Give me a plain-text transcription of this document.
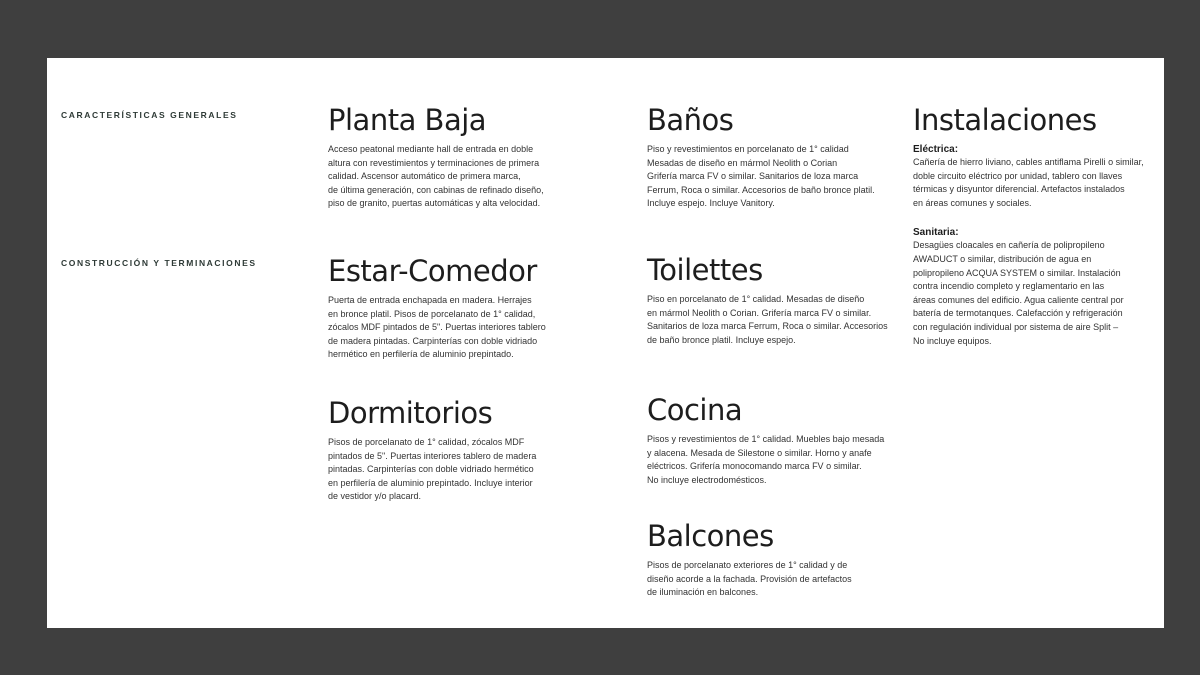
CARACTERÍSTICAS GENERALES
CONSTRUCCIÓN Y TERMINACIONES
Planta Baja

Acceso peatonal mediante hall de entrada en doble
altura con revestimientos y terminaciones de primera
calidad. Ascensor automático de primera marca,
de última generación, con cabinas de refinado diseño,
piso de granito, puertas automáticas y alta velocidad.

Estar-Comedor

Puerta de entrada enchapada en madera. Herrajes
en bronce platil. Pisos de porcelanato de 1° calidad,
zócalos MDF pintados de 5". Puertas interiores tablero
de madera pintadas. Carpinterías con doble vidriado
hermético en perfilería de aluminio prepintado.

Dormitorios

Pisos de porcelanato de 1° calidad, zócalos MDF
pintados de 5". Puertas interiores tablero de madera
pintadas. Carpinterías con doble vidriado hermético
en perfilería de aluminio prepintado. Incluye interior
de vestidor y/o placard.

Baños

Piso y revestimientos en porcelanato de 1° calidad
Mesadas de diseño en mármol Neolith o Corian
Grifería marca FV o similar. Sanitarios de loza marca
Ferrum, Roca o similar. Accesorios de baño bronce platil.
Incluye espejo. Incluye Vanitory.

Toilettes

Piso en porcelanato de 1° calidad. Mesadas de diseño
en mármol Neolith o Corian. Grifería marca FV o similar.
Sanitarios de loza marca Ferrum, Roca o similar. Accesorios
de baño bronce platil. Incluye espejo.

Cocina

Pisos y revestimientos de 1° calidad. Muebles bajo mesada
y alacena. Mesada de Silestone o similar. Horno y anafe
eléctricos. Grifería monocomando marca FV o similar.
No incluye electrodomésticos.

Balcones

Pisos de porcelanato exteriores de 1° calidad y de
diseño acorde a la fachada. Provisión de artefactos
de iluminación en balcones.

Instalaciones
Eléctrica:

Cañería de hierro liviano, cables antiflama Pirelli o similar,
doble circuito eléctrico por unidad, tablero con llaves
térmicas y disyuntor diferencial. Artefactos instalados
en áreas comunes y sociales.

Sanitaria:

Desagües cloacales en cañería de polipropileno
AWADUCT o similar, distribución de agua en
polipropileno ACQUA SYSTEM o similar. Instalación
contra incendio completo y reglamentario en las
áreas comunes del edificio. Agua caliente central por
batería de termotanques. Calefacción y refrigeración
con regulación individual por sistema de aire Split –
No incluye equipos.
